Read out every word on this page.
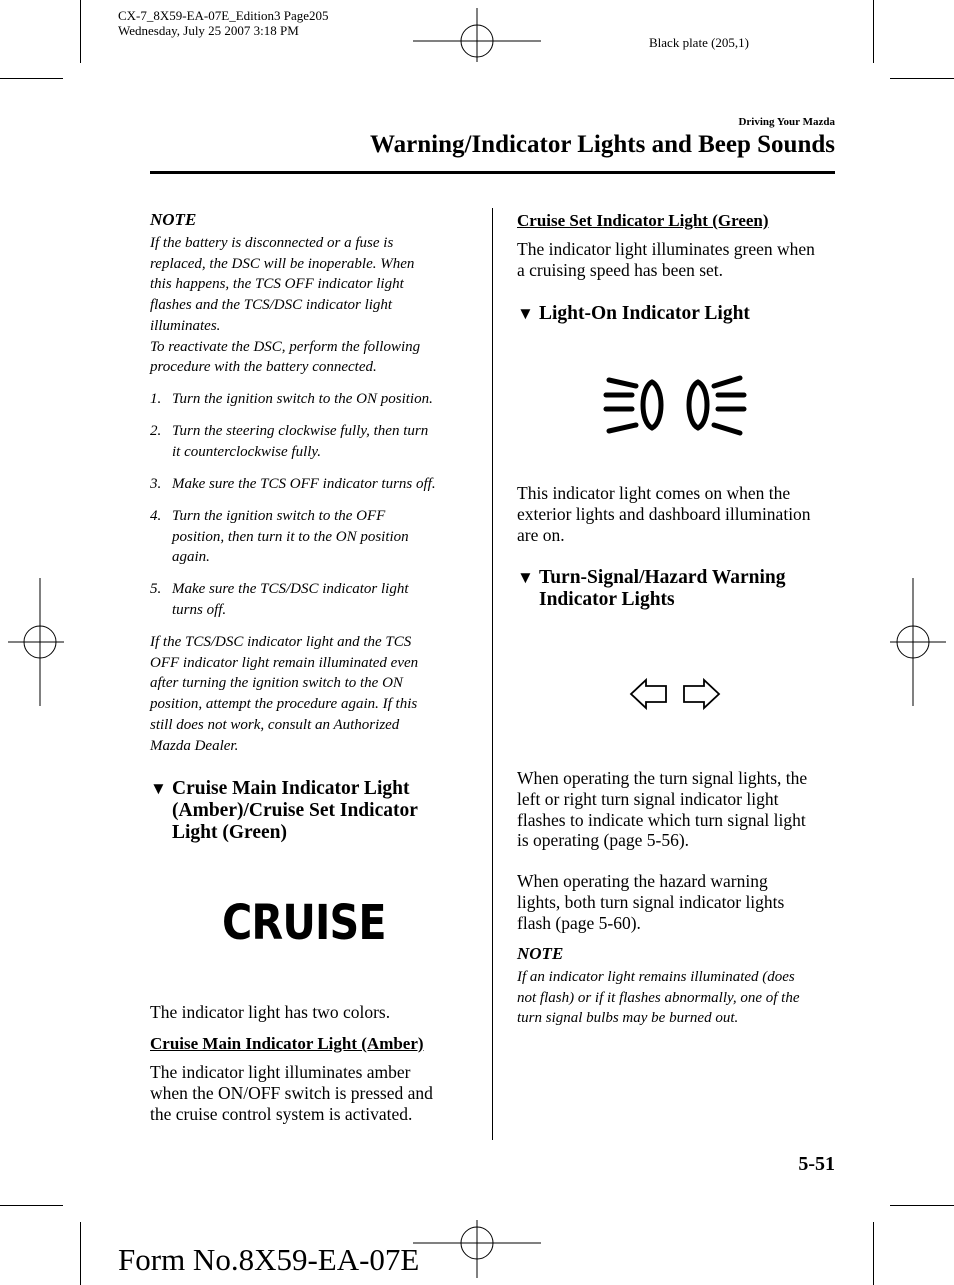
CX-7_8X59-EA-07E_Edition3 Page205
Wednesday, July 25 2007 3:18 PM
Black plate (205,1)
Driving Your Mazda
Warning/Indicator Lights and Beep Sounds
NOTE
If the battery is disconnected or a fuse is
replaced, the DSC will be inoperable. When
this happens, the TCS OFF indicator light
flashes and the TCS/DSC indicator light
illuminates.
To reactivate the DSC, perform the following
procedure with the battery connected.
1. Turn the ignition switch to the ON position.
2. Turn the steering clockwise fully, then turn
it counterclockwise fully.
3. Make sure the TCS OFF indicator turns off.
4. Turn the ignition switch to the OFF
position, then turn it to the ON position
again.
5. Make sure the TCS/DSC indicator light
turns off.
If the TCS/DSC indicator light and the TCS
OFF indicator light remain illuminated even
after turning the ignition switch to the ON
position, attempt the procedure again. If this
still does not work, consult an Authorized
Mazda Dealer.
▼ Cruise Main Indicator Light
(Amber)/Cruise Set Indicator
Light (Green)
CRUISE
The indicator light has two colors.
Cruise Main Indicator Light (Amber)
The indicator light illuminates amber
when the ON/OFF switch is pressed and
the cruise control system is activated.
Cruise Set Indicator Light (Green)
The indicator light illuminates green when
a cruising speed has been set.
▼ Light-On Indicator Light
This indicator light comes on when the
exterior lights and dashboard illumination
are on.
▼ Turn-Signal/Hazard Warning
Indicator Lights
When operating the turn signal lights, the
left or right turn signal indicator light
flashes to indicate which turn signal light
is operating (page 5-56).
When operating the hazard warning
lights, both turn signal indicator lights
flash (page 5-60).
NOTE
If an indicator light remains illuminated (does
not flash) or if it flashes abnormally, one of the
turn signal bulbs may be burned out.
5-51
Form No.8X59-EA-07E
